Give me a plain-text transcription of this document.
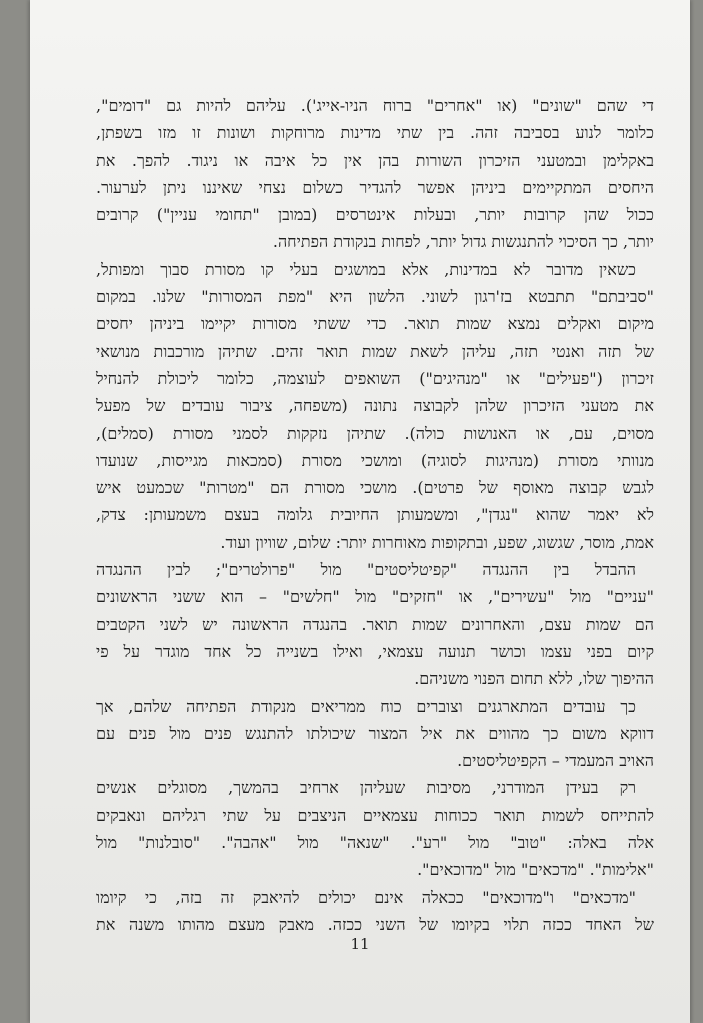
די שהם "שונים" (או "אחרים" ברוח הניו-אייג'). עליהם להיות גם "דומים",
כלומר לנוע בסביבה זהה. בין שתי מדינות מרוחקות ושונות זו מזו בשפתן,
באקלימן ובמטעני הזיכרון השורות בהן אין כל איבה או ניגוד. להפך. את
היחסים המתקיימים ביניהן אפשר להגדיר כשלום נצחי שאיננו ניתן לערעור.
ככול שהן קרובות יותר, ובעלות אינטרסים (במובן "תחומי עניין") קרובים
יותר, כך הסיכוי להתנגשות גדול יותר, לפחות בנקודת הפתיחה.
כשאין מדובר לא במדינות, אלא במושגים בעלי קו מסורת סבוך ומפותל,
"סביבתם" תתבטא בז'רגון לשוני. הלשון היא "מפת המסורות" שלנו. במקום
מיקום ואקלים נמצא שמות תואר. כדי ששתי מסורות יקיימו ביניהן יחסים
של תזה ואנטי תזה, עליהן לשאת שמות תואר זהים. שתיהן מורכבות מנושאי
זיכרון ("פעילים" או "מנהיגים") השואפים לעוצמה, כלומר ליכולת להנחיל
את מטעני הזיכרון שלהן לקבוצה נתונה (משפחה, ציבור עובדים של מפעל
מסוים, עם, או האנושות כולה). שתיהן נזקקות לסמני מסורת (סמלים),
מנוותי מסורת (מנהיגות לסוגיה) ומושכי מסורת (סמכאות מגייסות, שנועדו
לגבש קבוצה מאוסף של פרטים). מושכי מסורת הם "מטרות" שכמעט איש
לא יאמר שהוא "נגדן", ומשמעותן החיובית גלומה בעצם משמעותן: צדק,
אמת, מוסר, שגשוג, שפע, ובתקופות מאוחרות יותר: שלום, שוויון ועוד.
ההבדל בין ההנגדה "קפיטליסטים" מול "פרולטרים"; לבין ההנגדה
"עניים" מול "עשירים", או "חזקים" מול "חלשים" – הוא ששני הראשונים
הם שמות עצם, והאחרונים שמות תואר. בהנגדה הראשונה יש לשני הקטבים
קיום בפני עצמו וכושר תנועה עצמאי, ואילו בשנייה כל אחד מוגדר על פי
ההיפוך שלו, ללא תחום הפנוי משניהם.
כך עובדים המתארגנים וצוברים כוח ממריאים מנקודת הפתיחה שלהם, אך
דווקא משום כך מהווים את איל המצור שיכולתו להתנגש פנים מול פנים עם
האויב המעמדי – הקפיטליסטים.
רק בעידן המודרני, מסיבות שעליהן ארחיב בהמשך, מסוגלים אנשים
להתייחס לשמות תואר ככוחות עצמאיים הניצבים על שתי רגליהם ונאבקים
אלה באלה: "טוב" מול "רע". "שנאה" מול "אהבה". "סובלנות" מול
"אלימות". "מדכאים" מול "מדוכאים".
"מדכאים" ו"מדוכאים" ככאלה אינם יכולים להיאבק זה בזה, כי קיומו
של האחד ככזה תלוי בקיומו של השני ככזה. מאבק מעצם מהותו משנה את
11
